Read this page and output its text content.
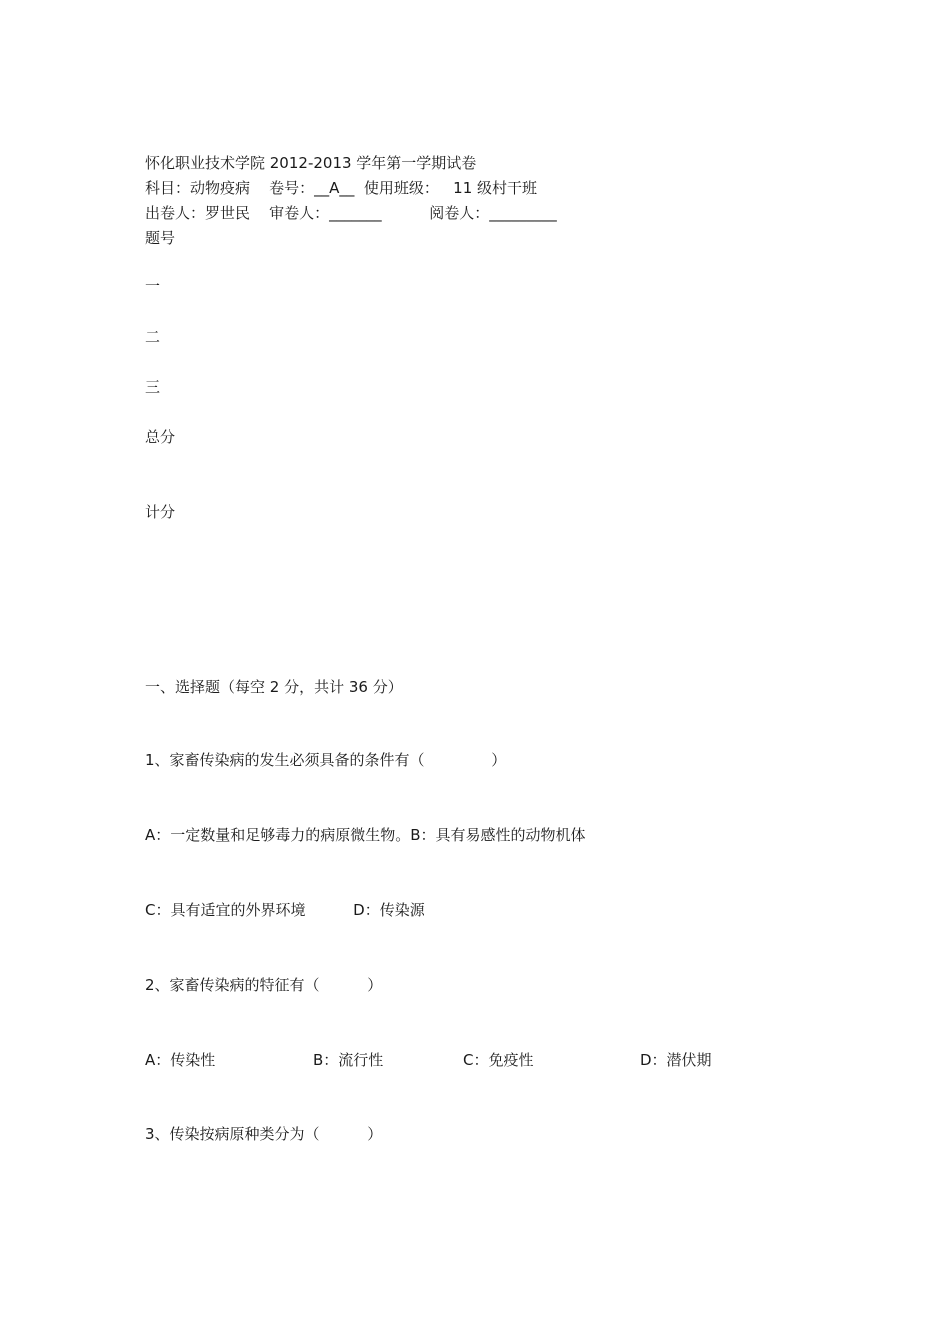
怀化职业技术学院 2012-2013 学年第一学期试卷
科目：动物疫病    卷号：__A__  使用班级：   11 级村干班
出卷人：罗世民    审卷人：_______          阅卷人：_________
题号
一
二
三
总分
计分
一、选择题（每空 2 分，共计 36 分）
1、家畜传染病的发生必须具备的条件有（              ）
A：一定数量和足够毒力的病原微生物。B：具有易感性的动物机体
C：具有适宜的外界环境          D：传染源
2、家畜传染病的特征有（          ）
A：传染性	B：流行性	C：免疫性	D：潜伏期
3、传染按病原种类分为（          ）
